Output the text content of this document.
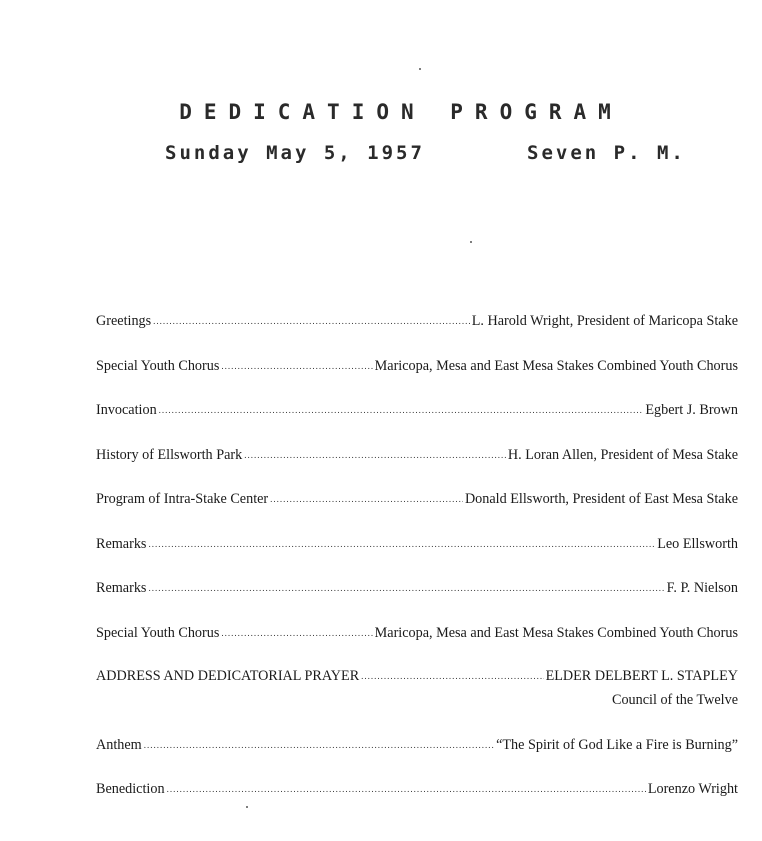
DEDICATION PROGRAM
Sunday May 5, 1957	Seven P. M.
Greetings .....	L. Harold Wright, President of Maricopa Stake
Special Youth Chorus .....	Maricopa, Mesa and East Mesa Stakes Combined Youth Chorus
Invocation .....	Egbert J. Brown
History of Ellsworth Park .....	H. Loran Allen, President of Mesa Stake
Program of Intra-Stake Center .....	Donald Ellsworth, President of East Mesa Stake
Remarks .....	Leo Ellsworth
Remarks .....	F. P. Nielson
Special Youth Chorus .....	Maricopa, Mesa and East Mesa Stakes Combined Youth Chorus
ADDRESS AND DEDICATORIAL PRAYER .....	ELDER DELBERT L. STAPLEY
Council of the Twelve
Anthem .....	“The Spirit of God Like a Fire is Burning”
Benediction .....	Lorenzo Wright
